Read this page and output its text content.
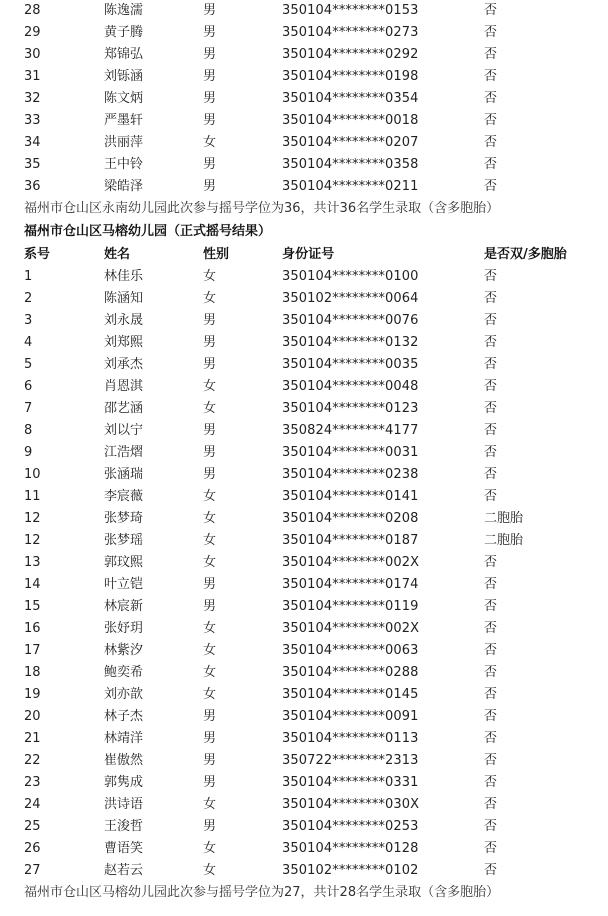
28	陈逸濡	男	350104********0153	否
29	黄子腾	男	350104********0273	否
30	郑锦弘	男	350104********0292	否
31	刘铄涵	男	350104********0198	否
32	陈文炳	男	350104********0354	否
33	严墨轩	男	350104********0018	否
34	洪丽萍	女	350104********0207	否
35	王中铃	男	350104********0358	否
36	梁皓泽	男	350104********0211	否
福州市仓山区永南幼儿园此次参与摇号学位为36，共计36名学生录取（含多胞胎）
福州市仓山区马榕幼儿园（正式摇号结果）
系号	姓名	性别	身份证号	是否双/多胞胎
1	林佳乐	女	350104********0100	否
2	陈涵知	女	350102********0064	否
3	刘永晟	男	350104********0076	否
4	刘郑熙	男	350104********0132	否
5	刘承杰	男	350104********0035	否
6	肖恩淇	女	350104********0048	否
7	邵艺涵	女	350104********0123	否
8	刘以宁	男	350824********4177	否
9	江浩熠	男	350104********0031	否
10	张涵瑞	男	350104********0238	否
11	李宸薇	女	350104********0141	否
12	张梦琦	女	350104********0208	二胞胎
12	张梦瑶	女	350104********0187	二胞胎
13	郭玟熙	女	350104********002X	否
14	叶立铠	男	350104********0174	否
15	林宸新	男	350104********0119	否
16	张妤玥	女	350104********002X	否
17	林紫汐	女	350104********0063	否
18	鲍奕希	女	350104********0288	否
19	刘亦歆	女	350104********0145	否
20	林子杰	男	350104********0091	否
21	林靖洋	男	350104********0113	否
22	崔傲然	男	350722********2313	否
23	郭隽成	男	350104********0331	否
24	洪诗语	女	350104********030X	否
25	王浚哲	男	350104********0253	否
26	曹语笑	女	350104********0128	否
27	赵若云	女	350102********0102	否
福州市仓山区马榕幼儿园此次参与摇号学位为27，共计28名学生录取（含多胞胎）
